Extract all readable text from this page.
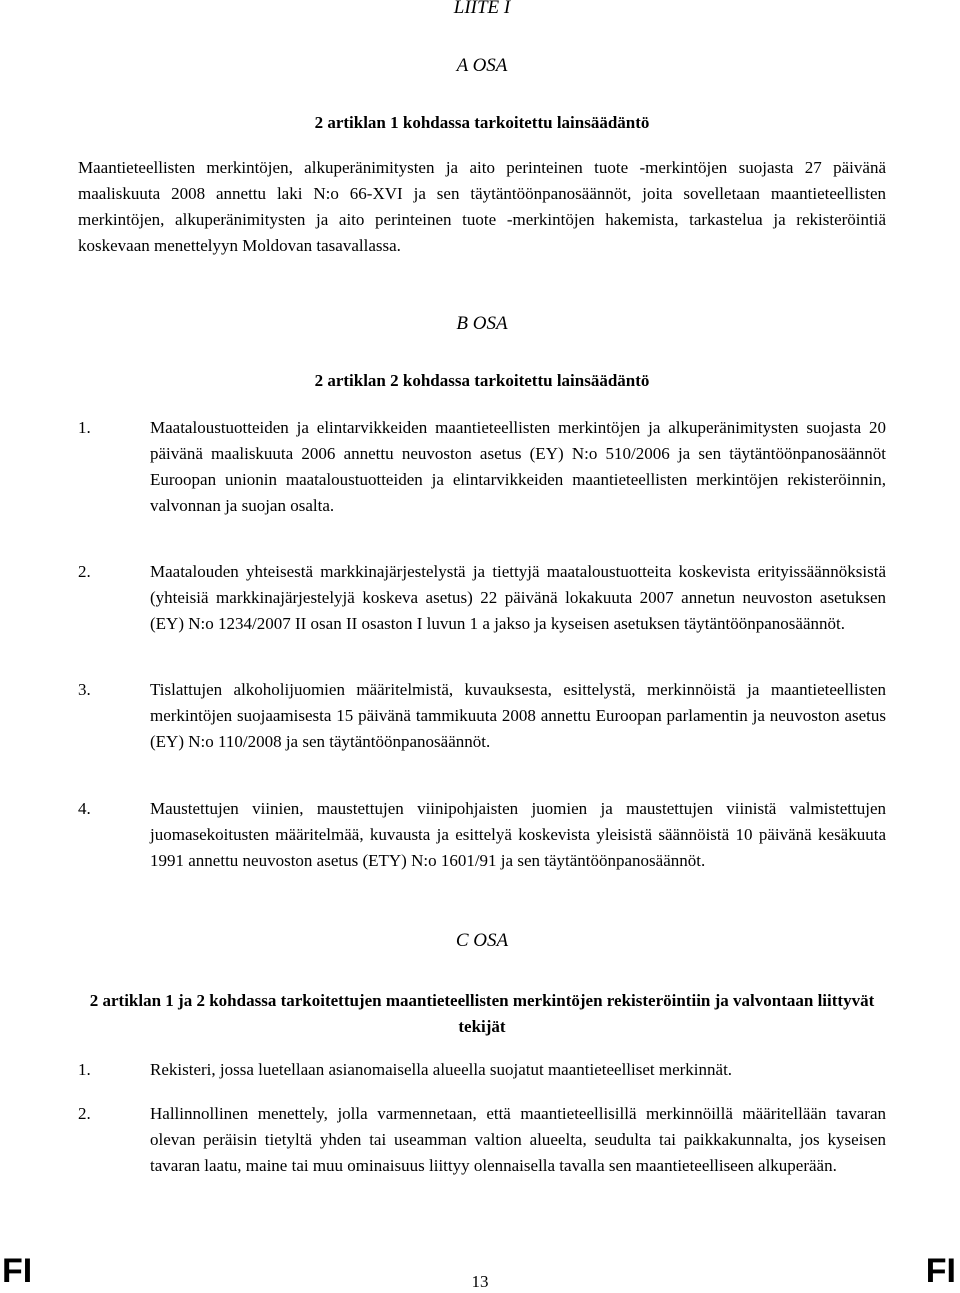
LIITE I
A OSA
2 artiklan 1 kohdassa tarkoitettu lainsäädäntö

Maantieteellisten merkintöjen, alkuperänimitysten ja aito perinteinen tuote -merkintöjen suojasta 27 päivänä maaliskuuta 2008 annettu laki N:o 66-XVI ja sen täytäntöönpanosäännöt, joita sovelletaan maantieteellisten merkintöjen, alkuperänimitysten ja aito perinteinen tuote -merkintöjen hakemista, tarkastelua ja rekisteröintiä koskevaan menettelyyn Moldovan tasavallassa.

B OSA
2 artiklan 2 kohdassa tarkoitettu lainsäädäntö
1.	Maataloustuotteiden ja elintarvikkeiden maantieteellisten merkintöjen ja alkuperänimitysten suojasta 20 päivänä maaliskuuta 2006 annettu neuvoston asetus (EY) N:o 510/2006 ja sen täytäntöönpanosäännöt Euroopan unionin maataloustuotteiden ja elintarvikkeiden maantieteellisten merkintöjen rekisteröinnin, valvonnan ja suojan osalta.
2.	Maatalouden yhteisestä markkinajärjestelystä ja tiettyjä maataloustuotteita koskevista erityissäännöksistä (yhteisiä markkinajärjestelyjä koskeva asetus) 22 päivänä lokakuuta 2007 annetun neuvoston asetuksen (EY) N:o 1234/2007 II osan II osaston I luvun 1 a jakso ja kyseisen asetuksen täytäntöönpanosäännöt.
3.	Tislattujen alkoholijuomien määritelmistä, kuvauksesta, esittelystä, merkinnöistä ja maantieteellisten merkintöjen suojaamisesta 15 päivänä tammikuuta 2008 annettu Euroopan parlamentin ja neuvoston asetus (EY) N:o 110/2008 ja sen täytäntöönpanosäännöt.
4.	Maustettujen viinien, maustettujen viinipohjaisten juomien ja maustettujen viinistä valmistettujen juomasekoitusten määritelmää, kuvausta ja esittelyä koskevista yleisistä säännöistä 10 päivänä kesäkuuta 1991 annettu neuvoston asetus (ETY) N:o 1601/91 ja sen täytäntöönpanosäännöt.
C OSA
2 artiklan 1 ja 2 kohdassa tarkoitettujen maantieteellisten merkintöjen rekisteröintiin ja valvontaan liittyvät tekijät
1.	Rekisteri, jossa luetellaan asianomaisella alueella suojatut maantieteelliset merkinnät.
2.	Hallinnollinen menettely, jolla varmennetaan, että maantieteellisillä merkinnöillä määritellään tavaran olevan peräisin tietyltä yhden tai useamman valtion alueelta, seudulta tai paikkakunnalta, jos kyseisen tavaran laatu, maine tai muu ominaisuus liittyy olennaisella tavalla sen maantieteelliseen alkuperään.
FI	FI
13
